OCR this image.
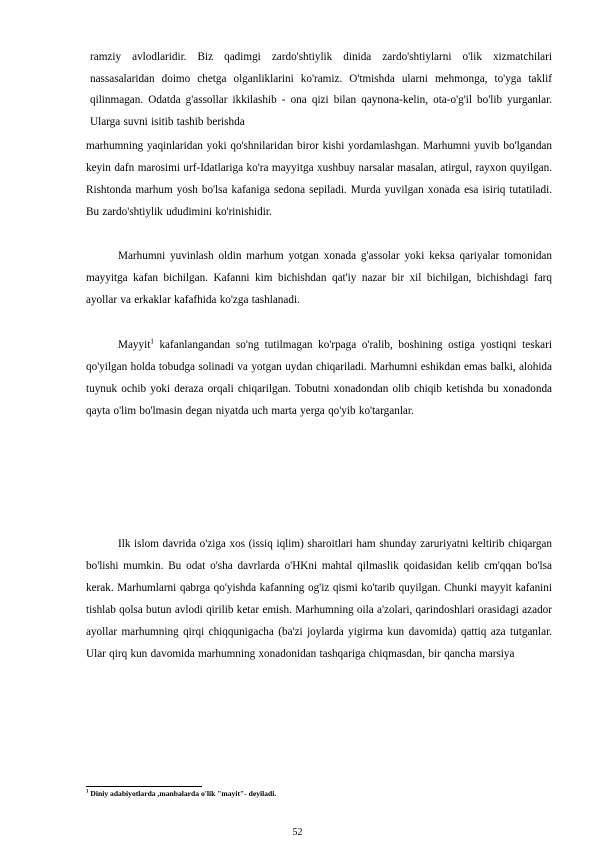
ramziy avlodlaridir. Biz qadimgi zardo'shtiylik dinida zardo'shtiylarni o'lik xizmatchilari nassasalaridan doimo chetga olganliklarini ko'ramiz. O'tmishda ularni mehmonga, to'yga taklif qilinmagan. Odatda g'assollar ikkilashib - ona qizi bilan qaynona-kelin, ota-o'g'il bo'lib yurganlar. Ularga suvni isitib tashib berishda

marhumning yaqinlaridan yoki qo'shnilaridan biror kishi yordamlashgan. Marhumni yuvib bo'lgandan keyin dafn marosimi urf-Idatlariga ko'ra mayyitga xushbuy narsalar masalan, atirgul, rayxon quyilgan. Rishtonda marhum yosh bo'lsa kafaniga sedona sepiladi. Murda yuvilgan xonada esa isiriq tutatiladi. Bu zardo'shtiylik ududimini ko'rinishidir.

Marhumni yuvinlash oldin marhum yotgan xonada g'assolar yoki keksa qariyalar tomonidan mayyitga kafan bichilgan. Kafanni kim bichishdan qat'iy nazar bir xil bichilgan, bichishdagi farq ayollar va erkaklar kafafhida ko'zga tashlanadi.

Mayyit$^1$ kafanlangandan so'ng tutilmagan ko'rpaga o'ralib, boshining ostiga yostiqni teskari qo'yilgan holda tobudga solinadi va yotgan uydan chiqariladi. Marhumni eshikdan emas balki, alohida tuynuk ochib yoki deraza orqali chiqarilgan. Tobutni xonadondan olib chiqib ketishda bu xonadonda qayta o'lim bo'lmasin degan niyatda uch marta yerga qo'yib ko'targanlar.

Ilk islom davrida o'ziga xos (issiq iqlim) sharoitlari ham shunday zaruriyatni keltirib chiqargan bo'lishi mumkin. Bu odat o'sha davrlarda o'HKni mahtal qilmaslik qoidasidan kelib cm'qqan bo'lsa kerak. Marhumlarni qabrga qo'yishda kafanning og'iz qismi ko'tarib quyilgan. Chunki mayyit kafanini tishlab qolsa butun avlodi qirilib ketar emish. Marhumning oila a'zolari, qarindoshlari orasidagi azador ayollar marhumning qirqi chiqqunigacha (ba'zi joylarda yigirma kun davomida) qattiq aza tutganlar. Ular qirq kun davomida marhumning xonadonidan tashqariga chiqmasdan, bir qancha marsiya

$^1$ Diniy adabiyotlarda ,manbalarda o'lik "mayit"- deyiladi.
52
